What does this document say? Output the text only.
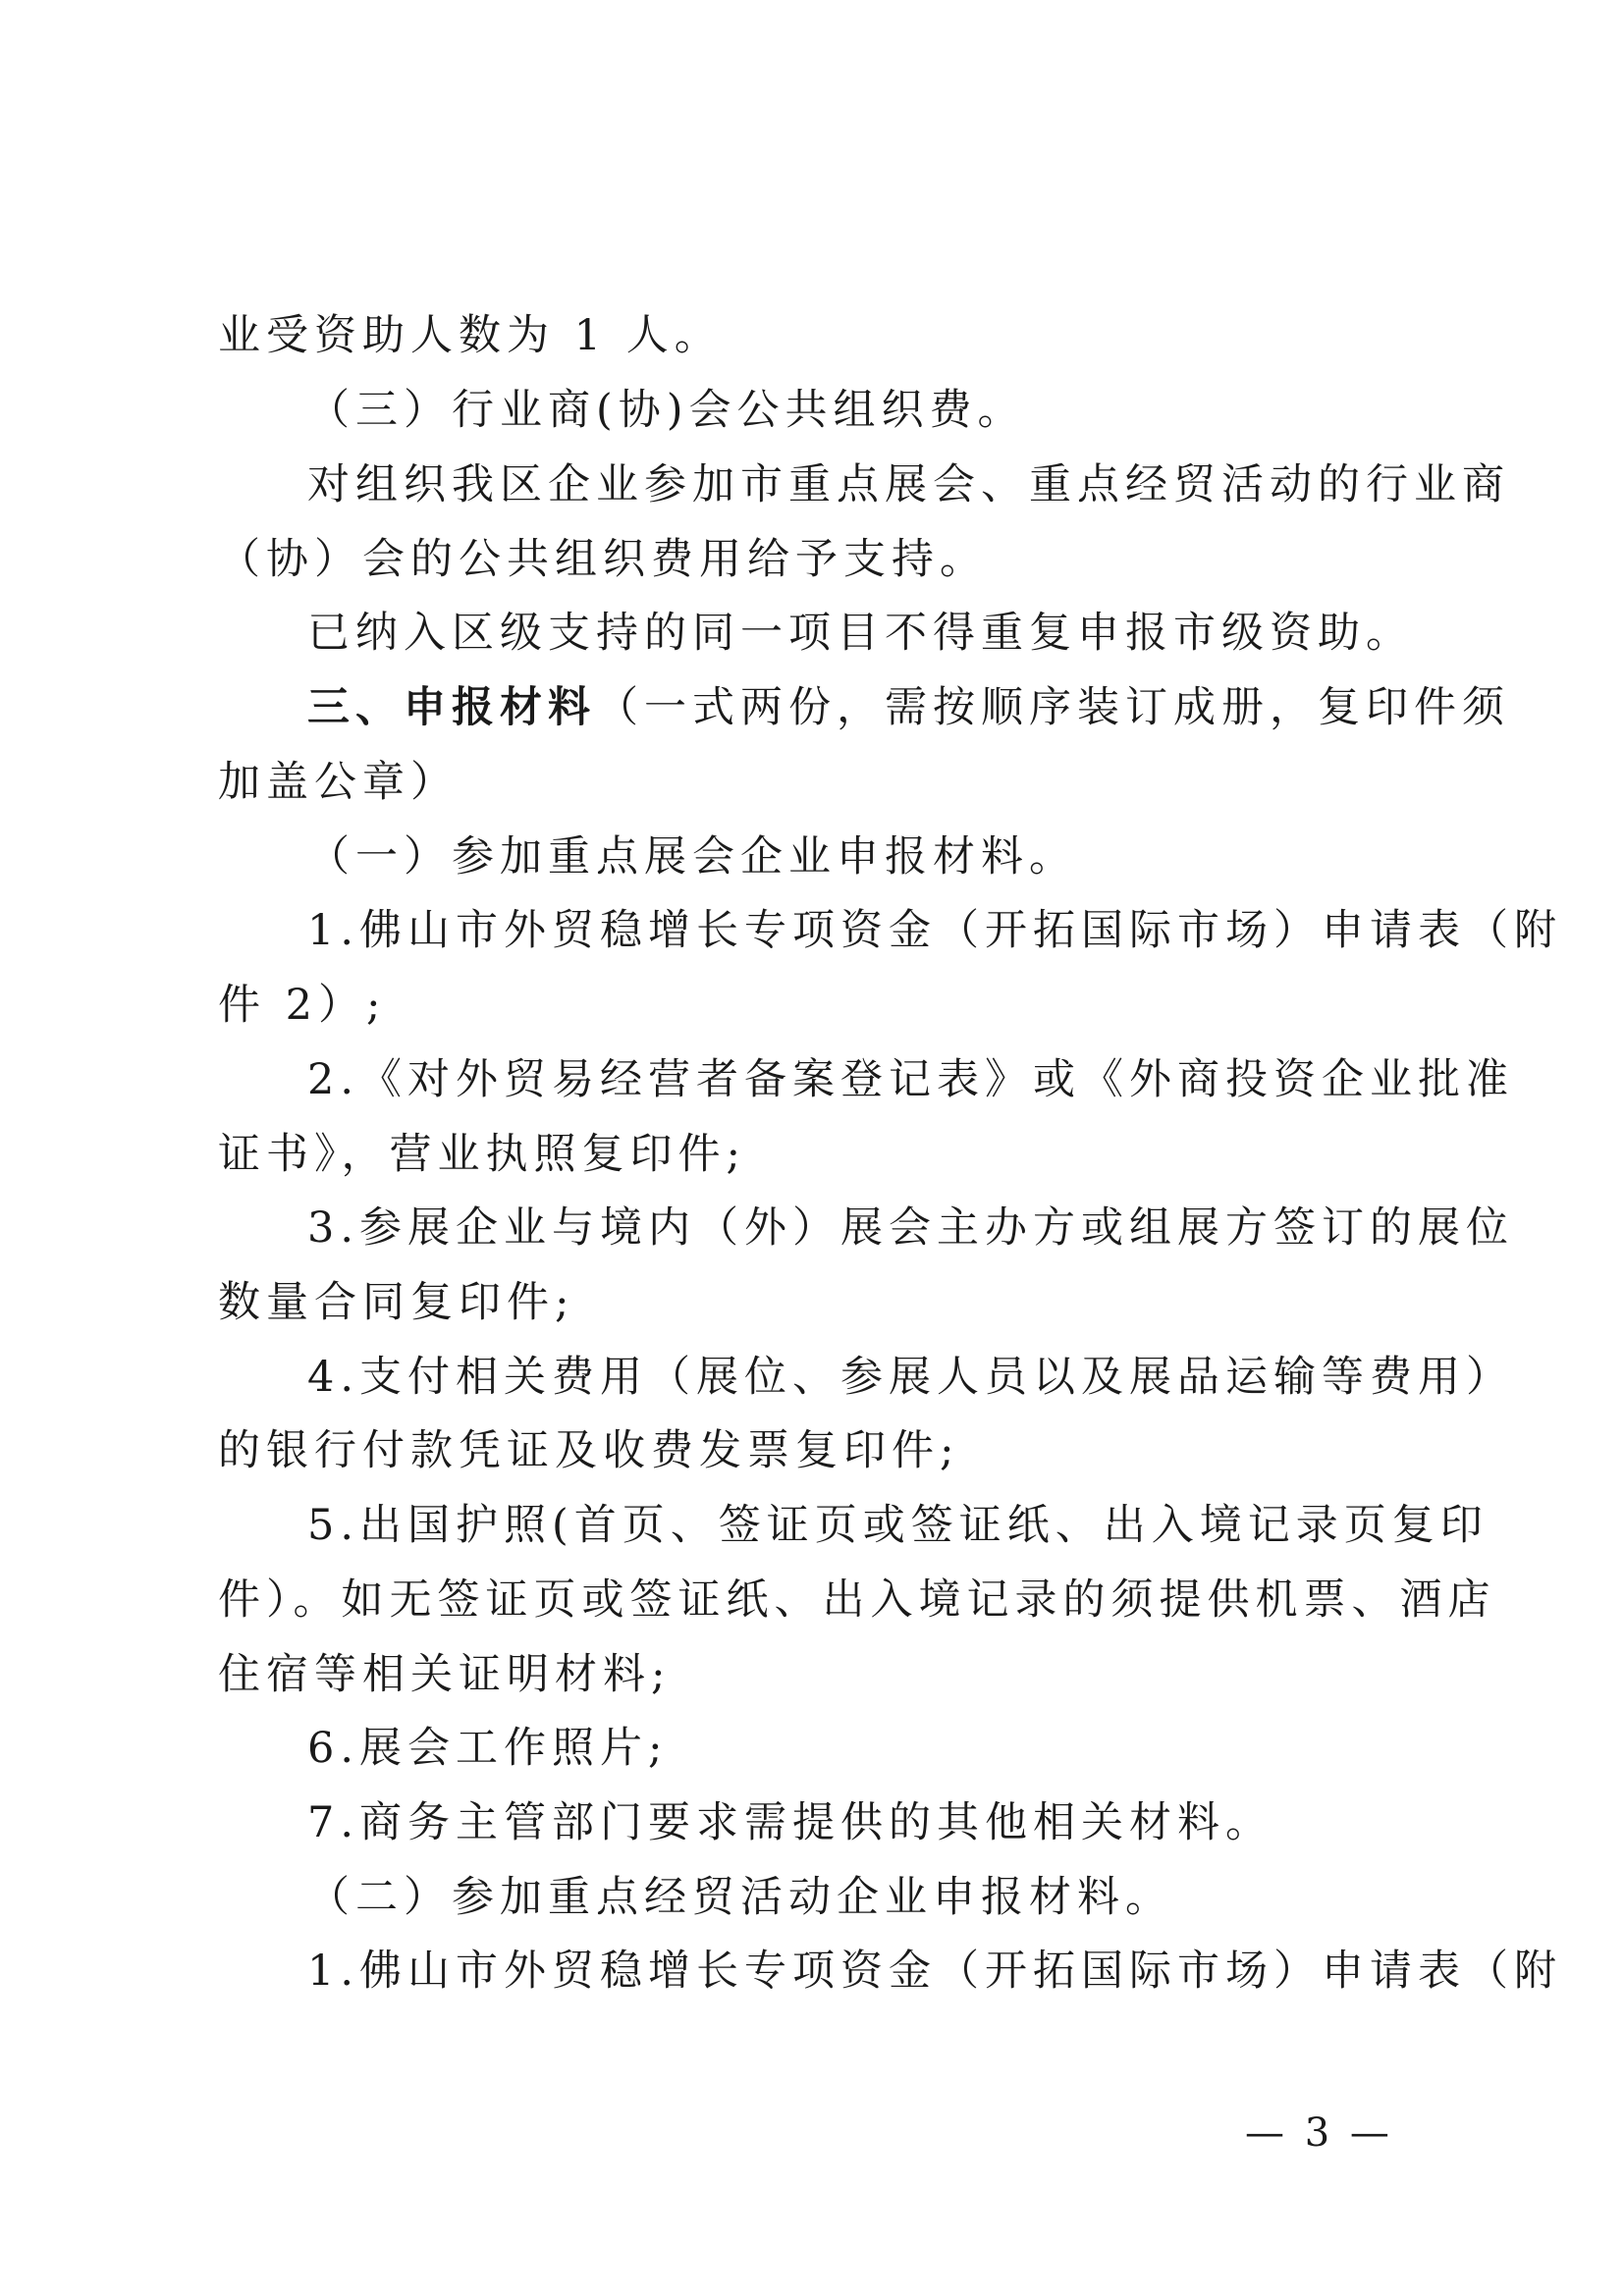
业受资助人数为 1 人。
（三）行业商(协)会公共组织费。
对组织我区企业参加市重点展会、重点经贸活动的行业商
（协）会的公共组织费用给予支持。
已纳入区级支持的同一项目不得重复申报市级资助。
三、申报材料（一式两份，需按顺序装订成册，复印件须
加盖公章）
（一）参加重点展会企业申报材料。
1.佛山市外贸稳增长专项资金（开拓国际市场）申请表（附
件 2）;
2.《对外贸易经营者备案登记表》或《外商投资企业批准
证书》，营业执照复印件;
3.参展企业与境内（外）展会主办方或组展方签订的展位
数量合同复印件;
4.支付相关费用（展位、参展人员以及展品运输等费用）
的银行付款凭证及收费发票复印件;
5.出国护照(首页、签证页或签证纸、出入境记录页复印
件）。如无签证页或签证纸、出入境记录的须提供机票、酒店
住宿等相关证明材料;
6.展会工作照片;
7.商务主管部门要求需提供的其他相关材料。
（二）参加重点经贸活动企业申报材料。
1.佛山市外贸稳增长专项资金（开拓国际市场）申请表（附
— 3 —
